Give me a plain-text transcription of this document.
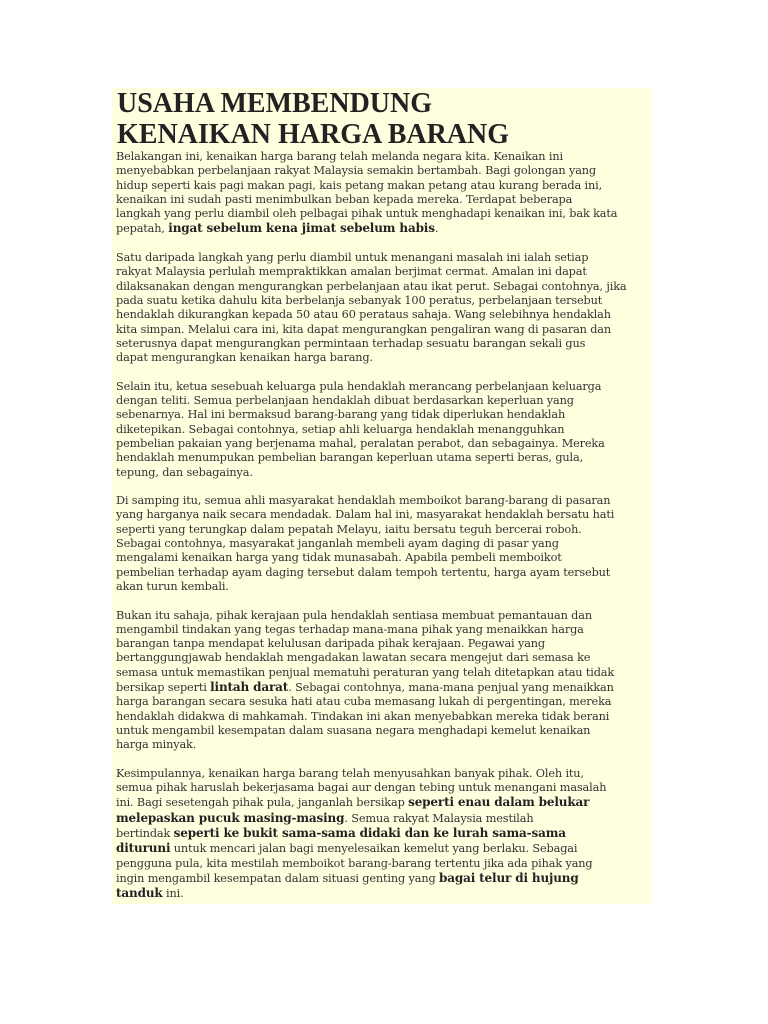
USAHA MEMBENDUNG
KENAIKAN HARGA BARANG
Belakangan ini, kenaikan harga barang telah melanda negara kita. Kenaikan ini
menyebabkan perbelanjaan rakyat Malaysia semakin bertambah. Bagi golongan yang
hidup seperti kais pagi makan pagi, kais petang makan petang atau kurang berada ini,
kenaikan ini sudah pasti menimbulkan beban kepada mereka. Terdapat beberapa
langkah yang perlu diambil oleh pelbagai pihak untuk menghadapi kenaikan ini, bak kata
pepatah, ingat sebelum kena jimat sebelum habis.
Satu daripada langkah yang perlu diambil untuk menangani masalah ini ialah setiap
rakyat Malaysia perlulah mempraktikkan amalan berjimat cermat. Amalan ini dapat
dilaksanakan dengan mengurangkan perbelanjaan atau ikat perut. Sebagai contohnya, jika
pada suatu ketika dahulu kita berbelanja sebanyak 100 peratus, perbelanjaan tersebut
hendaklah dikurangkan kepada 50 atau 60 perataus sahaja. Wang selebihnya hendaklah
kita simpan. Melalui cara ini, kita dapat mengurangkan pengaliran wang di pasaran dan
seterusnya dapat mengurangkan permintaan terhadap sesuatu barangan sekali gus
dapat mengurangkan kenaikan harga barang.
Selain itu, ketua sesebuah keluarga pula hendaklah merancang perbelanjaan keluarga
dengan teliti. Semua perbelanjaan hendaklah dibuat berdasarkan keperluan yang
sebenarnya. Hal ini bermaksud barang-barang yang tidak diperlukan hendaklah
diketepikan. Sebagai contohnya, setiap ahli keluarga hendaklah menangguhkan
pembelian pakaian yang berjenama mahal, peralatan perabot, dan sebagainya. Mereka
hendaklah menumpukan pembelian barangan keperluan utama seperti beras, gula,
tepung, dan sebagainya.
Di samping itu, semua ahli masyarakat hendaklah memboikot barang-barang di pasaran
yang harganya naik secara mendadak. Dalam hal ini, masyarakat hendaklah bersatu hati
seperti yang terungkap dalam pepatah Melayu, iaitu bersatu teguh bercerai roboh.
Sebagai contohnya, masyarakat janganlah membeli ayam daging di pasar yang
mengalami kenaikan harga yang tidak munasabah. Apabila pembeli memboikot
pembelian terhadap ayam daging tersebut dalam tempoh tertentu, harga ayam tersebut
akan turun kembali.
Bukan itu sahaja, pihak kerajaan pula hendaklah sentiasa membuat pemantauan dan
mengambil tindakan yang tegas terhadap mana-mana pihak yang menaikkan harga
barangan tanpa mendapat kelulusan daripada pihak kerajaan. Pegawai yang
bertanggungjawab hendaklah mengadakan lawatan secara mengejut dari semasa ke
semasa untuk memastikan penjual mematuhi peraturan yang telah ditetapkan atau tidak
bersikap seperti lintah darat. Sebagai contohnya, mana-mana penjual yang menaikkan
harga barangan secara sesuka hati atau cuba memasang lukah di pergentingan, mereka
hendaklah didakwa di mahkamah. Tindakan ini akan menyebabkan mereka tidak berani
untuk mengambil kesempatan dalam suasana negara menghadapi kemelut kenaikan
harga minyak.
Kesimpulannya, kenaikan harga barang telah menyusahkan banyak pihak. Oleh itu,
semua pihak haruslah bekerjasama bagai aur dengan tebing untuk menangani masalah
ini. Bagi sesetengah pihak pula, janganlah bersikap seperti enau dalam belukar
melepaskan pucuk masing-masing. Semua rakyat Malaysia mestilah
bertindak seperti ke bukit sama-sama didaki dan ke lurah sama-sama
dituruni untuk mencari jalan bagi menyelesaikan kemelut yang berlaku. Sebagai
pengguna pula, kita mestilah memboikot barang-barang tertentu jika ada pihak yang
ingin mengambil kesempatan dalam situasi genting yang bagai telur di hujung
tanduk ini.
